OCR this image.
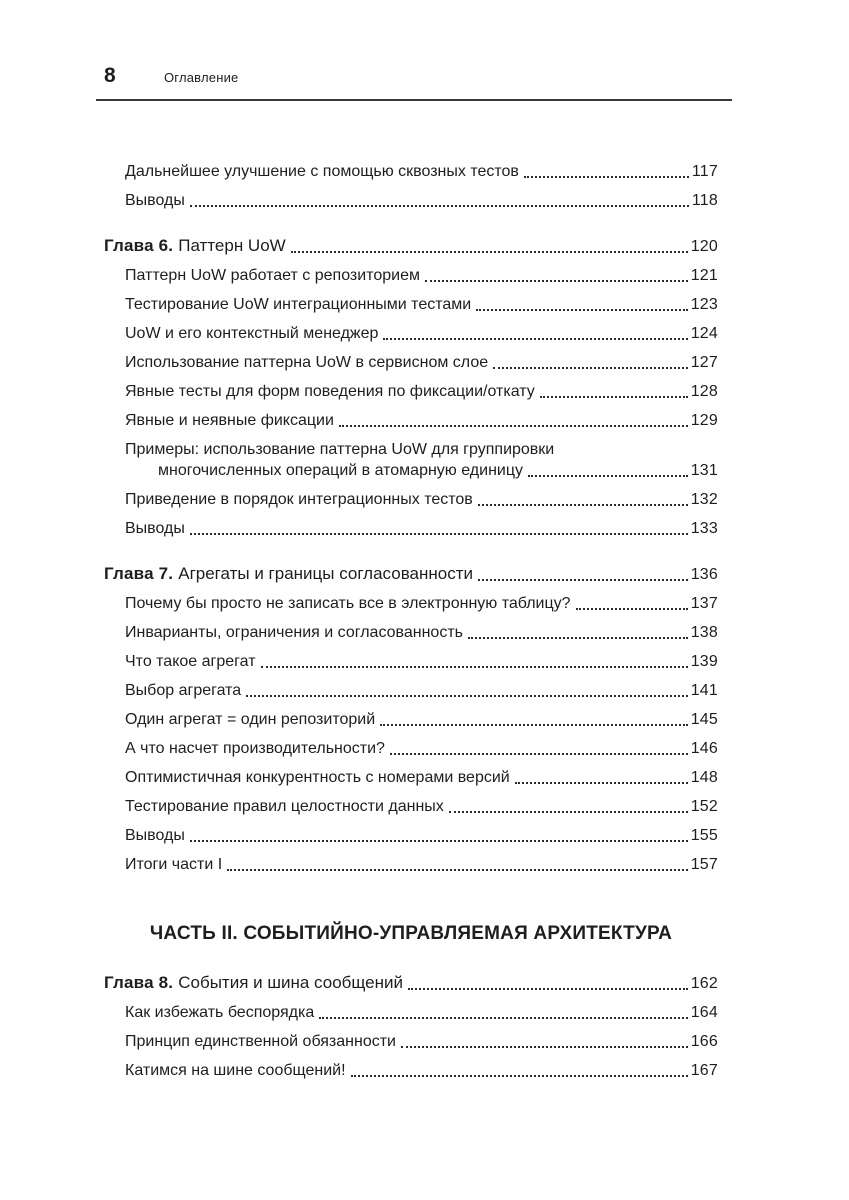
8	Оглавление
Дальнейшее улучшение с помощью сквозных тестов	117
Выводы	118
Глава 6. Паттерн UoW	120
Паттерн UoW работает с репозиторием	121
Тестирование UoW интеграционными тестами	123
UoW и его контекстный менеджер	124
Использование паттерна UoW в сервисном слое	127
Явные тесты для форм поведения по фиксации/откату	128
Явные и неявные фиксации	129
Примеры: использование паттерна UoW для группировки
многочисленных операций в атомарную единицу	131
Приведение в порядок интеграционных тестов	132
Выводы	133
Глава 7. Агрегаты и границы согласованности	136
Почему бы просто не записать все в электронную таблицу?	137
Инварианты, ограничения и согласованность	138
Что такое агрегат	139
Выбор агрегата	141
Один агрегат = один репозиторий	145
А что насчет производительности?	146
Оптимистичная конкурентность с номерами версий	148
Тестирование правил целостности данных	152
Выводы	155
Итоги части I	157
ЧАСТЬ II. СОБЫТИЙНО-УПРАВЛЯЕМАЯ АРХИТЕКТУРА
Глава 8. События и шина сообщений	162
Как избежать беспорядка	164
Принцип единственной обязанности	166
Катимся на шине сообщений!	167
